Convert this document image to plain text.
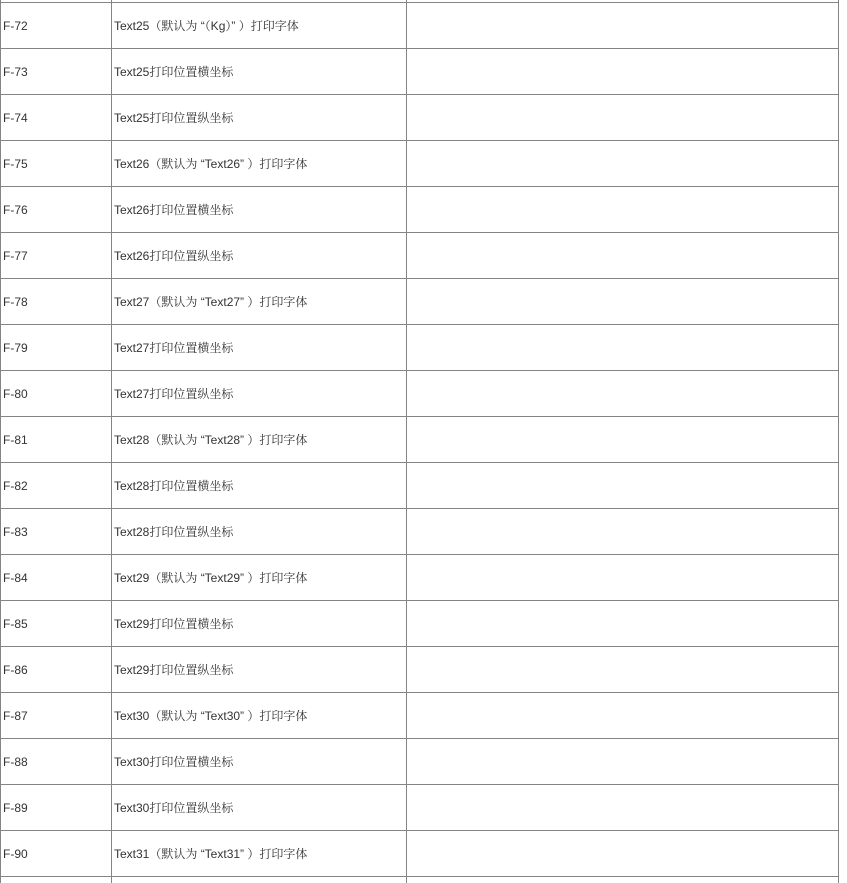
F-72	Text25（默认为 “（Kg）” ）打印字体	
F-73	Text25打印位置横坐标	
F-74	Text25打印位置纵坐标	
F-75	Text26（默认为 “Text26” ）打印字体	
F-76	Text26打印位置横坐标	
F-77	Text26打印位置纵坐标	
F-78	Text27（默认为 “Text27” ）打印字体	
F-79	Text27打印位置横坐标	
F-80	Text27打印位置纵坐标	
F-81	Text28（默认为 “Text28” ）打印字体	
F-82	Text28打印位置横坐标	
F-83	Text28打印位置纵坐标	
F-84	Text29（默认为 “Text29” ）打印字体	
F-85	Text29打印位置横坐标	
F-86	Text29打印位置纵坐标	
F-87	Text30（默认为 “Text30” ）打印字体	
F-88	Text30打印位置横坐标	
F-89	Text30打印位置纵坐标	
F-90	Text31（默认为 “Text31” ）打印字体	
